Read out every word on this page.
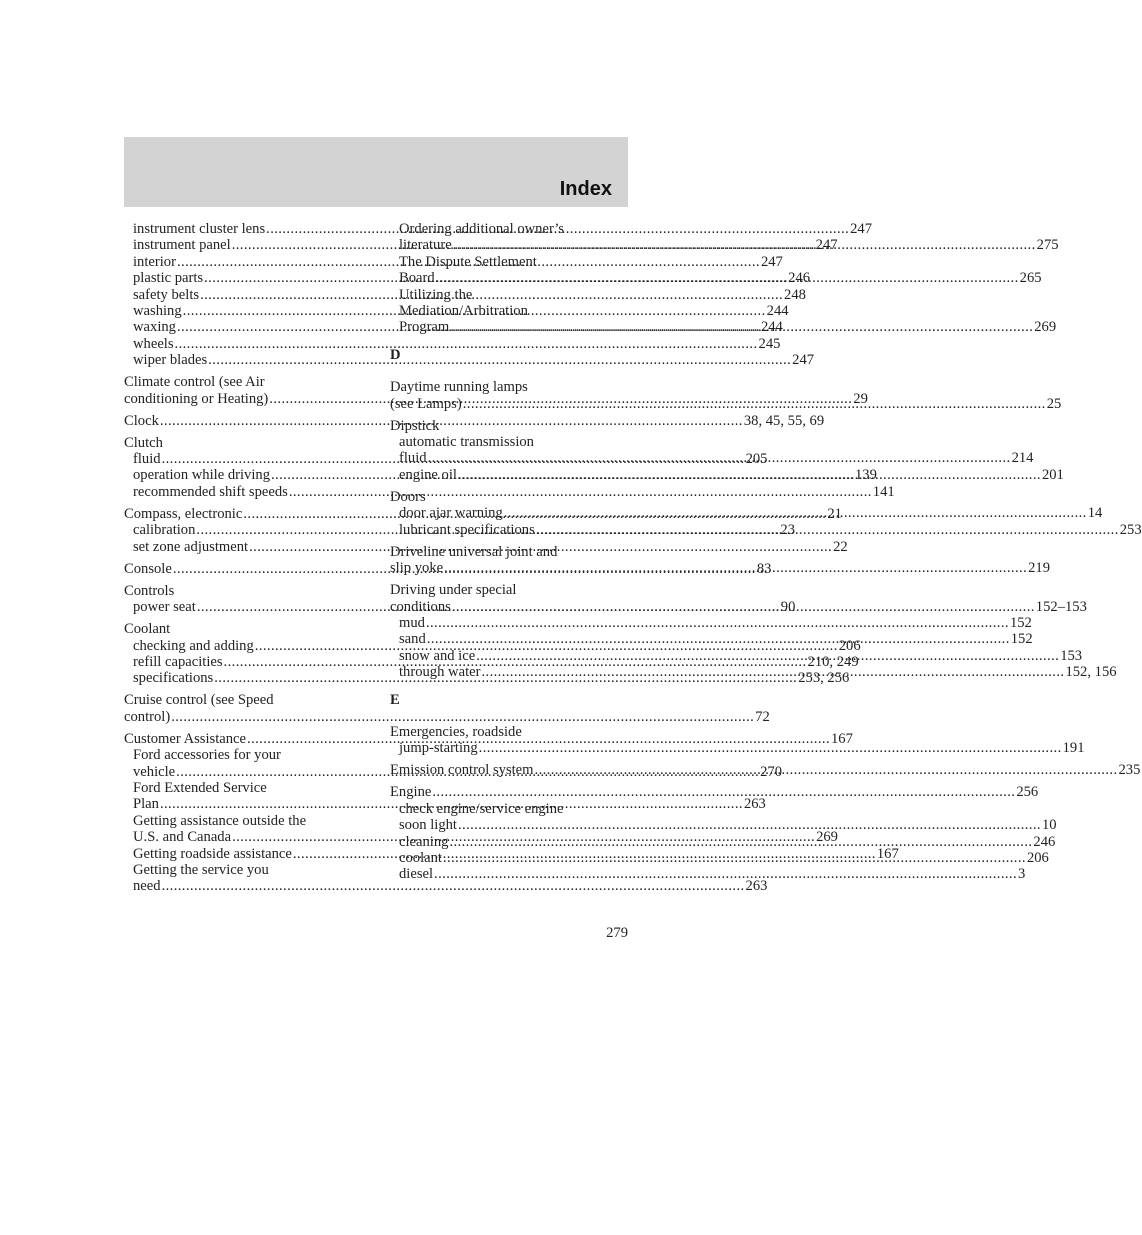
Index
instrument cluster lens .....	247
instrument panel .....	247
interior .....	247
plastic parts .....	246
safety belts .....	248
washing .....	244
waxing .....	244
wheels .....	245
wiper blades .....	247
Climate control (see Air
conditioning or Heating) .....	29
Clock .....	38, 45, 55, 69
Clutch
fluid .....	205
operation while driving .....	139
recommended shift speeds .....	141
Compass, electronic .....	21
calibration .....	23
set zone adjustment .....	22
Console .....	83
Controls
power seat .....	90
Coolant
checking and adding .....	206
refill capacities .....	210, 249
specifications .....	253, 256
Cruise control (see Speed
control) .....	72
Customer Assistance .....	167
Ford accessories for your
vehicle .....	270
Ford Extended Service
Plan .....	263
Getting assistance outside the
U.S. and Canada .....	269
Getting roadside assistance .....	167
Getting the service you
need .....	263
Ordering additional owner’s
literature .....	275
The Dispute Settlement
Board .....	265
Utilizing the
Mediation/Arbitration
Program .....	269
D
Daytime running lamps
(see Lamps) .....	25
Dipstick
automatic transmission
fluid .....	214
engine oil .....	201
Doors
door ajar warning .....	14
lubricant specifications .....	253
Driveline universal joint and
slip yoke .....	219
Driving under special
conditions .....	152–153
mud .....	152
sand .....	152
snow and ice .....	153
through water .....	152, 156
E
Emergencies, roadside
jump-starting .....	191
Emission control system .....	235
Engine .....	256
check engine/service engine
soon light .....	10
cleaning .....	246
coolant .....	206
diesel .....	3
279
